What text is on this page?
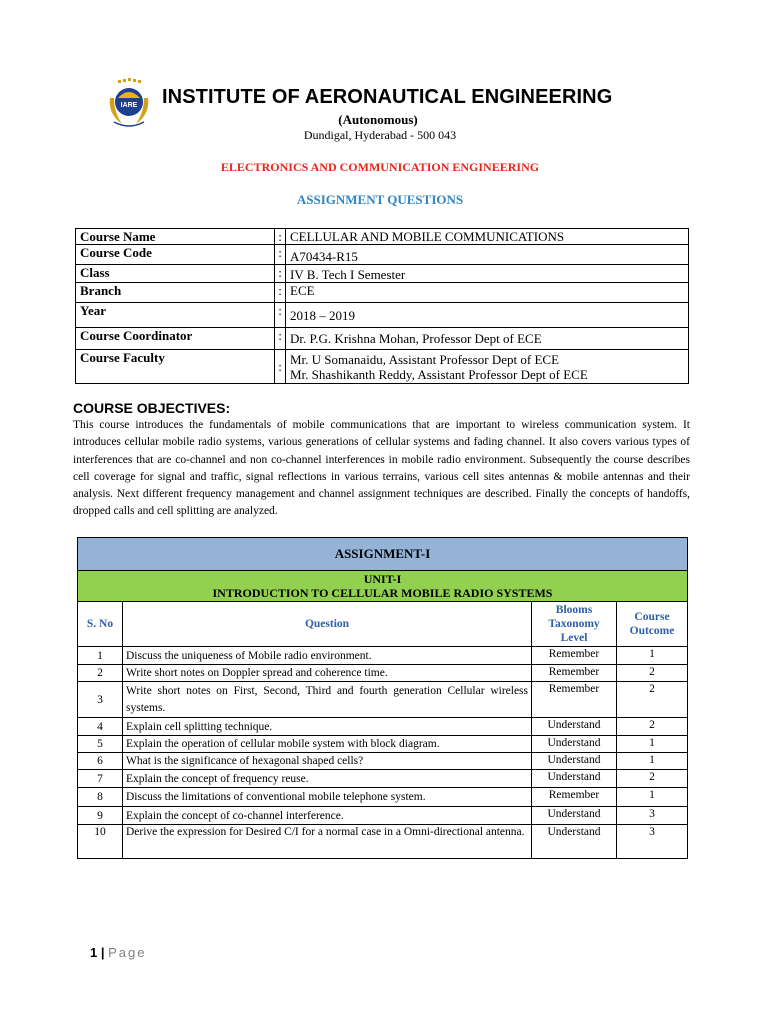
IARE INSTITUTE OF AERONAUTICAL ENGINEERING
(Autonomous)
Dundigal, Hyderabad - 500 043
ELECTRONICS AND COMMUNICATION ENGINEERING
ASSIGNMENT QUESTIONS
Course Name	:	CELLULAR AND MOBILE COMMUNICATIONS
Course Code	:	A70434-R15
Class	:	IV B. Tech I Semester
Branch	:	ECE
Year	:	2018 – 2019
Course Coordinator	:	Dr. P.G. Krishna Mohan, Professor Dept of ECE
Course Faculty	:	Mr. U Somanaidu, Assistant Professor Dept of ECE
Mr. Shashikanth Reddy, Assistant Professor Dept of ECE
COURSE OBJECTIVES:
This course introduces the fundamentals of mobile communications that are important to wireless communication system. It introduces cellular mobile radio systems, various generations of cellular systems and fading channel. It also covers various types of interferences that are co-channel and non co-channel interferences in mobile radio environment. Subsequently the course describes cell coverage for signal and traffic, signal reflections in various terrains, various cell sites antennas & mobile antennas and their analysis. Next different frequency management and channel assignment techniques are described. Finally the concepts of handoffs, dropped calls and cell splitting are analyzed.
ASSIGNMENT-I			

UNIT-I
INTRODUCTION TO CELLULAR MOBILE RADIO SYSTEMS			

S. No	Question	Blooms Taxonomy Level	Course Outcome
1	Discuss the uniqueness of Mobile radio environment.	Remember	1
2	Write short notes on Doppler spread and coherence time.	Remember	2
3	Write short notes on First, Second, Third and fourth generation Cellular wireless systems.	Remember	2
4	Explain cell splitting technique.	Understand	2
5	Explain the operation of cellular mobile system with block diagram.	Understand	1
6	What is the significance of hexagonal shaped cells?	Understand	1
7	Explain the concept of frequency reuse.	Understand	2
8	Discuss the limitations of conventional mobile telephone system.	Remember	1
9	Explain the concept of co-channel interference.	Understand	3
10	Derive the expression for Desired C/I for a normal case in a Omni-directional antenna.	Understand	3
1 | Page
